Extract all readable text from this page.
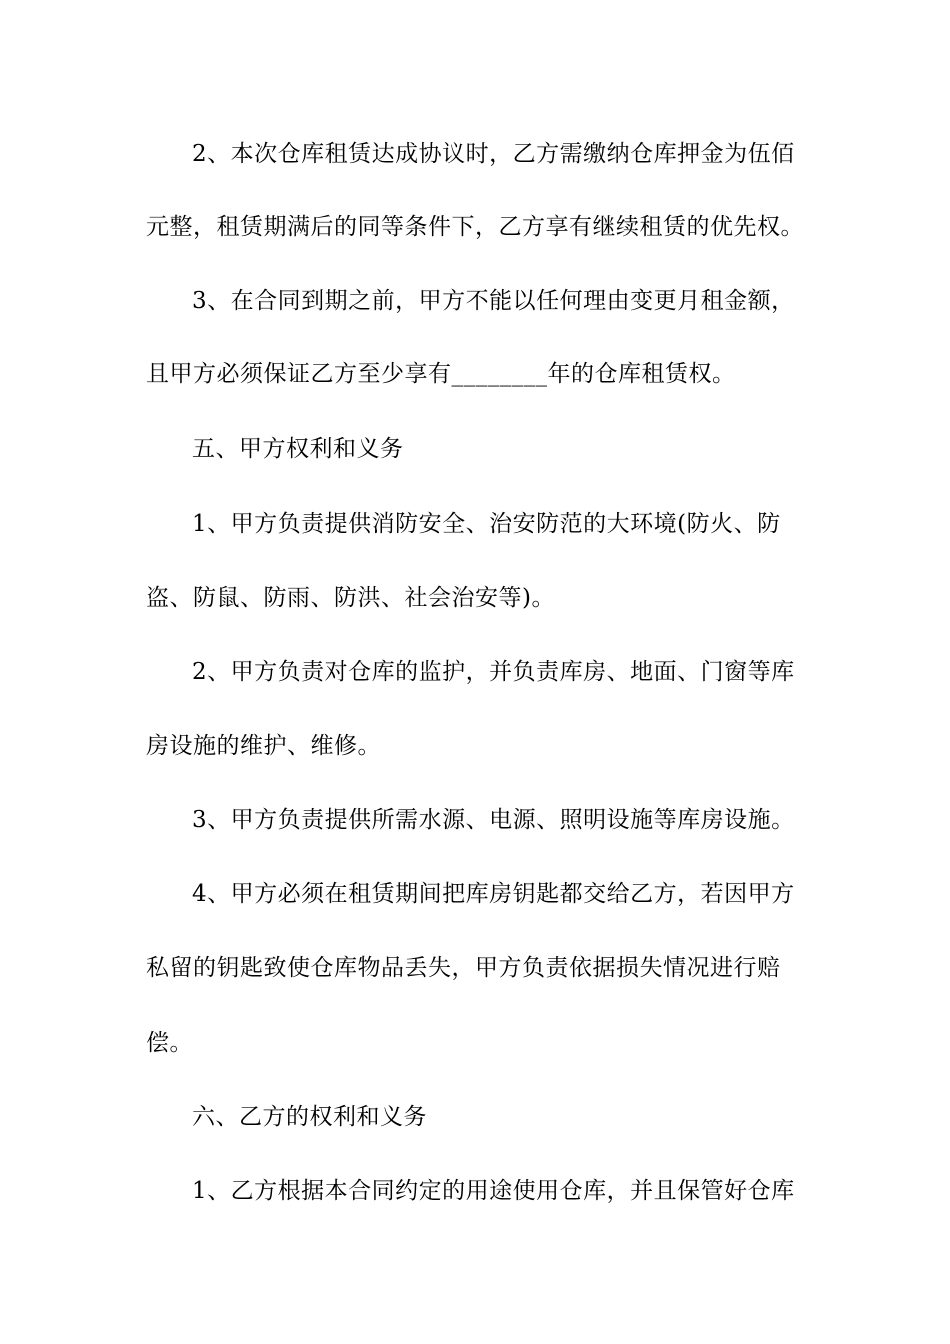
2、本次仓库租赁达成协议时，乙方需缴纳仓库押金为伍佰
元整，租赁期满后的同等条件下，乙方享有继续租赁的优先权。
3、在合同到期之前，甲方不能以任何理由变更月租金额，
且甲方必须保证乙方至少享有________年的仓库租赁权。
五、甲方权利和义务
1、甲方负责提供消防安全、治安防范的大环境(防火、防
盗、防鼠、防雨、防洪、社会治安等)。
2、甲方负责对仓库的监护，并负责库房、地面、门窗等库
房设施的维护、维修。
3、甲方负责提供所需水源、电源、照明设施等库房设施。
4、甲方必须在租赁期间把库房钥匙都交给乙方，若因甲方
私留的钥匙致使仓库物品丢失，甲方负责依据损失情况进行赔
偿。
六、乙方的权利和义务
1、乙方根据本合同约定的用途使用仓库，并且保管好仓库
